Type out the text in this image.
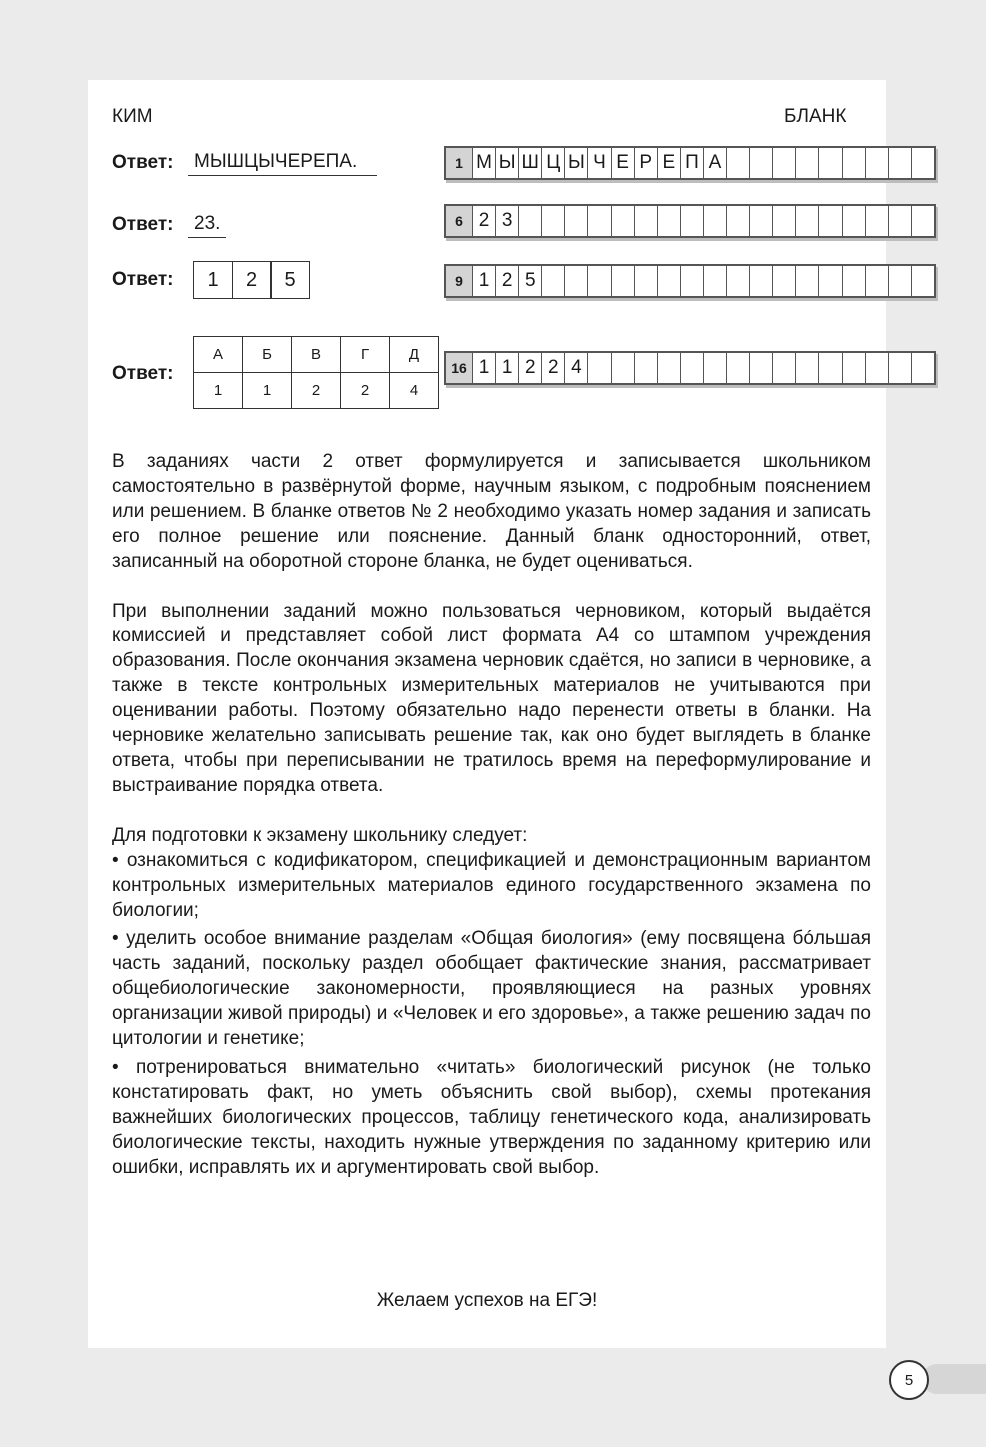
КИМ	БЛАНК
Ответ:	МЫШЦЫЧЕРЕПА.
Ответ:	23.
Ответ:	1	2	5
Ответ:
А	Б	В	Г	Д
1	1	2	2	4
1 М Ы Ш Ц Ы Ч Е Р Е П А
6 2 3
9 1 2 5
16 1 1 2 2 4

В заданиях части 2 ответ формулируется и записывается школьником самостоятельно в развёрнутой форме, научным языком, с подробным пояснением или решением. В бланке ответов № 2 необходимо указать номер задания и записать его полное решение или пояснение. Данный бланк односторонний, ответ, записанный на оборотной стороне бланка, не будет оцениваться.

При выполнении заданий можно пользоваться черновиком, который выдаётся комиссией и представляет собой лист формата А4 со штампом учреждения образования. После окончания экзамена черновик сдаётся, но записи в черновике, а также в тексте контрольных измерительных материалов не учитываются при оценивании работы. Поэтому обязательно надо перенести ответы в бланки. На черновике желательно записывать решение так, как оно будет выглядеть в бланке ответа, чтобы при переписывании не тратилось время на переформулирование и выстраивание порядка ответа.

Для подготовки к экзамену школьнику следует:

• ознакомиться с кодификатором, спецификацией и демонстрационным вариантом контрольных измерительных материалов единого государственного экзамена по биологии;

• уделить особое внимание разделам «Общая биология» (ему посвящена бóльшая часть заданий, поскольку раздел обобщает фактические знания, рассматривает общебиологические закономерности, проявляющиеся на разных уровнях организации живой природы) и «Человек и его здоровье», а также решению задач по цитологии и генетике;

• потренироваться внимательно «читать» биологический рисунок (не только констатировать факт, но уметь объяснить свой выбор), схемы протекания важнейших биологических процессов, таблицу генетического кода, анализировать биологические тексты, находить нужные утверждения по заданному критерию или ошибки, исправлять их и аргументировать свой выбор.

Желаем успехов на ЕГЭ!
5
